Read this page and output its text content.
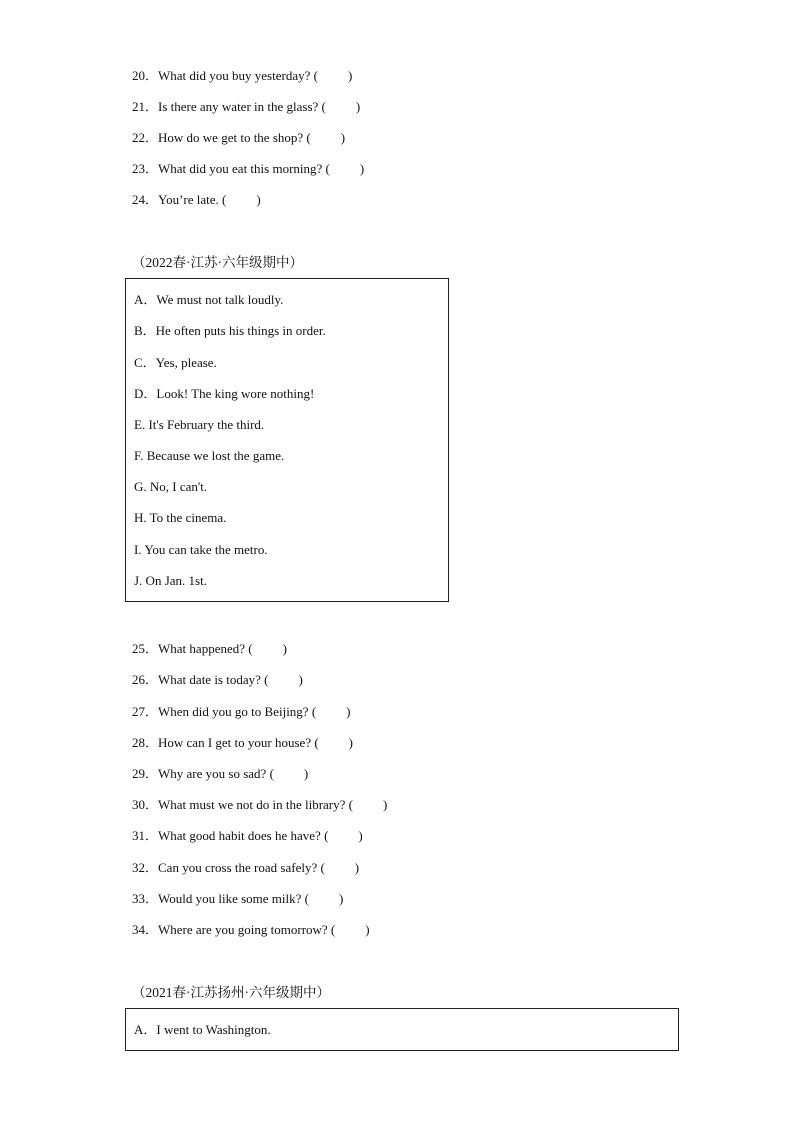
20．What did you buy yesterday? ( )
21．Is there any water in the glass? ( )
22．How do we get to the shop? ( )
23．What did you eat this morning? ( )
24．You’re late. ( )
（2022春·江苏·六年级期中）
A．We must not talk loudly.
B．He often puts his things in order.
C．Yes, please.
D．Look! The king wore nothing!
E. It's February the third.
F. Because we lost the game.
G. No, I can't.
H. To the cinema.
I. You can take the metro.
J. On Jan. 1st.
25．What happened? ( )
26．What date is today? ( )
27．When did you go to Beijing? ( )
28．How can I get to your house? ( )
29．Why are you so sad? ( )
30．What must we not do in the library? ( )
31．What good habit does he have? ( )
32．Can you cross the road safely? ( )
33．Would you like some milk? ( )
34．Where are you going tomorrow? ( )
（2021春·江苏扬州·六年级期中）
A．I went to Washington.
